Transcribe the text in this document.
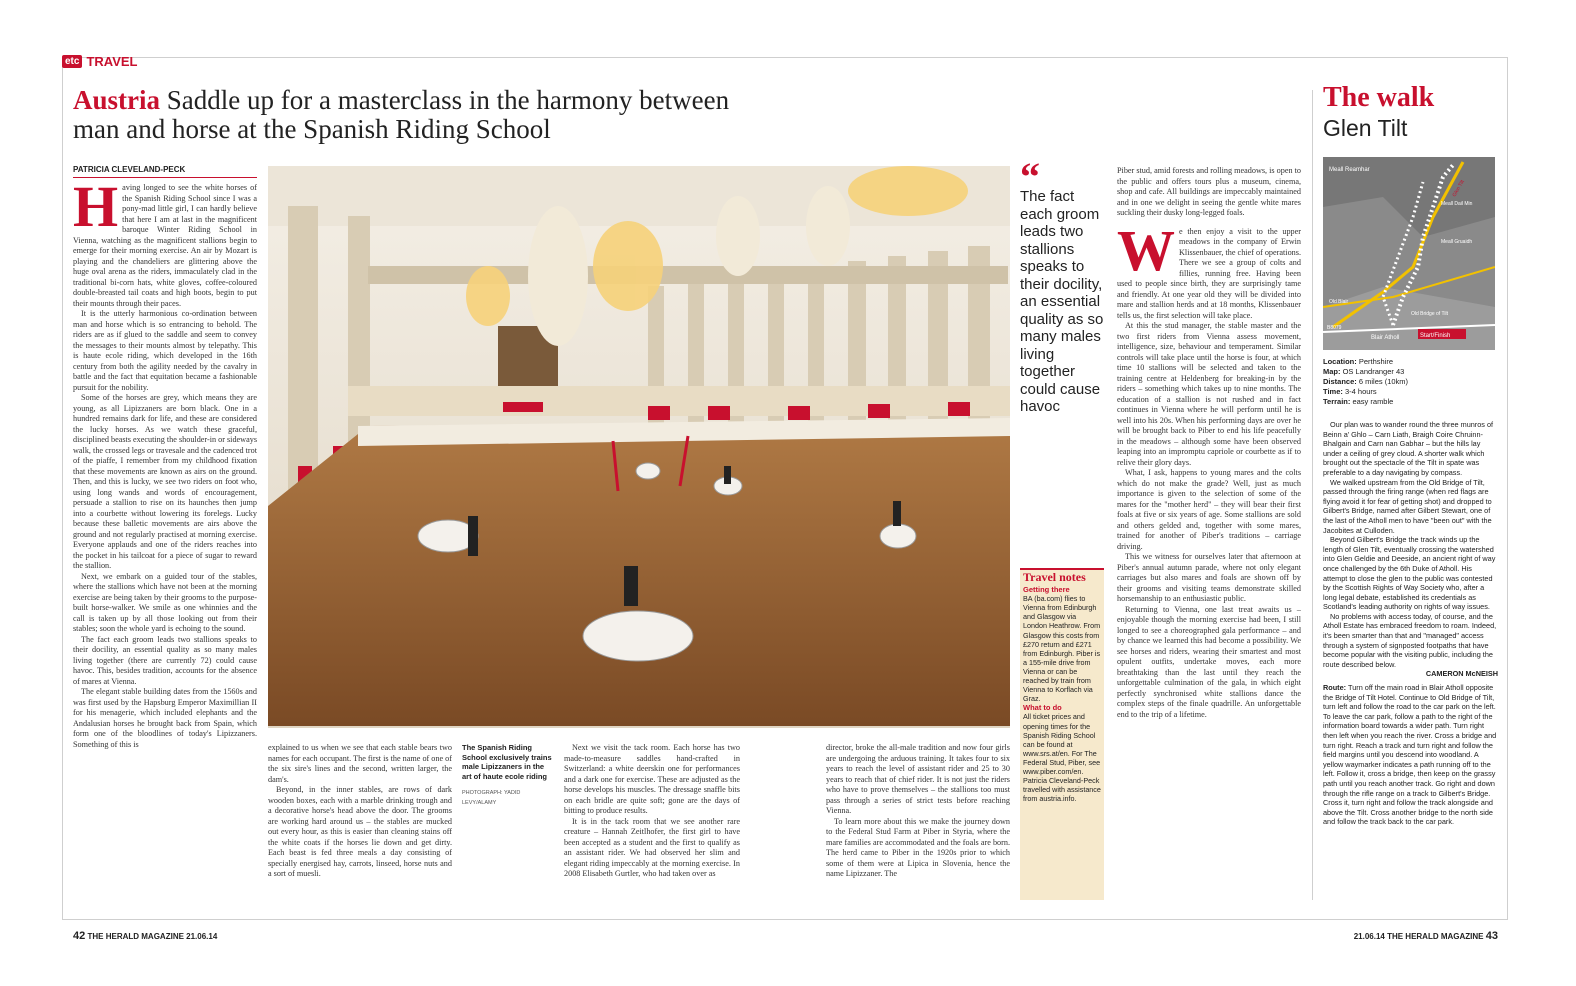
etc TRAVEL
Austria Saddle up for a masterclass in the harmony between man and horse at the Spanish Riding School
PATRICIA CLEVELAND-PECK
H aving longed to see the white horses of the Spanish Riding School since I was a pony-mad little girl, I can hardly believe that here I am at last in the magnificent baroque Winter Riding School in Vienna, watching as the magnificent stallions begin to emerge for their morning exercise. An air by Mozart is playing and the chandeliers are glittering above the huge oval arena as the riders, immaculately clad in the traditional bi-corn hats, white gloves, coffee-coloured double-breasted tail coats and high boots, begin to put their mounts through their paces.

It is the utterly harmonious co-ordination between man and horse which is so entrancing to behold. The riders are as if glued to the saddle and seem to convey the messages to their mounts almost by telepathy. This is haute ecole riding, which developed in the 16th century from both the agility needed by the cavalry in battle and the fact that equitation became a fashionable pursuit for the nobility.

Some of the horses are grey, which means they are young, as all Lipizzaners are born black. One in a hundred remains dark for life, and these are considered the lucky horses. As we watch these graceful, disciplined beasts executing the shoulder-in or sideways walk, the crossed legs or travesale and the cadenced trot of the piaffe, I remember from my childhood fixation that these movements are known as airs on the ground. Then, and this is lucky, we see two riders on foot who, using long wands and words of encouragement, persuade a stallion to rise on its haunches then jump into a courbette without lowering its forelegs. Lucky because these balletic movements are airs above the ground and not regularly practised at morning exercise. Everyone applauds and one of the riders reaches into the pocket in his tailcoat for a piece of sugar to reward the stallion.

Next, we embark on a guided tour of the stables, where the stallions which have not been at the morning exercise are being taken by their grooms to the purpose-built horse-walker. We smile as one whinnies and the call is taken up by all those looking out from their stables; soon the whole yard is echoing to the sound.

The fact each groom leads two stallions speaks to their docility, an essential quality as so many males living together (there are currently 72) could cause havoc. This, besides tradition, accounts for the absence of mares at Vienna.

The elegant stable building dates from the 1560s and was first used by the Hapsburg Emperor Maximillian II for his menagerie, which included elephants and the Andalusian horses he brought back from Spain, which form one of the bloodlines of today's Lipizzaners. Something of this is	explained to us when we see that each stable bears two names for each occupant. The first is the name of one of the six sire's lines and the second, written larger, the dam's.

Beyond, in the inner stables, are rows of dark wooden boxes, each with a marble drinking trough and a decorative horse's head above the door. The grooms are working hard around us – the stables are mucked out every hour, as this is easier than cleaning stains off the white coats if the horses lie down and get dirty. Each beast is fed three meals a day consisting of specially energised hay, carrots, linseed, horse nuts and a sort of muesli.

The Spanish Riding School exclusively trains male Lipizzaners in the art of haute ecole riding
PHOTOGRAPH: YADID LEVY/ALAMY

Next we visit the tack room. Each horse has two made-to-measure saddles hand-crafted in Switzerland: a white deerskin one for performances and a dark one for exercise. These are adjusted as the horse develops his muscles. The dressage snaffle bits on each bridle are quite soft; gone are the days of bitting to produce results.

It is in the tack room that we see another rare creature – Hannah Zeitlhofer, the first girl to have been accepted as a student and the first to qualify as an assistant rider. We had observed her slim and elegant riding impeccably at the morning exercise. In 2008 Elisabeth Gurtler, who had taken over as

director, broke the all-male tradition and now four girls are undergoing the arduous training. It takes four to six years to reach the level of assistant rider and 25 to 30 years to reach that of chief rider. It is not just the riders who have to prove themselves – the stallions too must pass through a series of strict tests before reaching Vienna.

To learn more about this we make the journey down to the Federal Stud Farm at Piber in Styria, where the mare families are accommodated and the foals are born. The herd came to Piber in the 1920s prior to which some of them were at Lipica in Slovenia, hence the name Lipizzaner. The

“
The fact each groom leads two stallions speaks to their docility, an essential quality as so many males living together could cause havoc
Travel notes
Getting there
BA (ba.com) flies to Vienna from Edinburgh and Glasgow via London Heathrow. From Glasgow this costs from £270 return and £271 from Edinburgh. Piber is a 155-mile drive from Vienna or can be reached by train from Vienna to Korflach via Graz.
What to do
All ticket prices and opening times for the Spanish Riding School can be found at www.srs.at/en. For The Federal Stud, Piber, see www.piber.com/en. Patricia Cleveland-Peck travelled with assistance from austria.info.
Piber stud, amid forests and rolling meadows, is open to the public and offers tours plus a museum, cinema, shop and cafe. All buildings are impeccably maintained and in one we delight in seeing the gentle white mares suckling their dusky long-legged foals.
W e then enjoy a visit to the upper meadows in the company of Erwin Klissenbauer, the chief of operations. There we see a group of colts and fillies, running free. Having been used to people since birth, they are surprisingly tame and friendly. At one year old they will be divided into mare and stallion herds and at 18 months, Klissenbauer tells us, the first selection will take place.

At this the stud manager, the stable master and the two first riders from Vienna assess movement, intelligence, size, behaviour and temperament. Similar controls will take place until the horse is four, at which time 10 stallions will be selected and taken to the training centre at Heldenberg for breaking-in by the riders – something which takes up to nine months. The education of a stallion is not rushed and in fact continues in Vienna where he will perform until he is well into his 20s. When his performing days are over he will be brought back to Piber to end his life peacefully in the meadows – although some have been observed leaping into an impromptu capriole or courbette as if to relive their glory days.

What, I ask, happens to young mares and the colts which do not make the grade? Well, just as much importance is given to the selection of some of the mares for the "mother herd" – they will bear their first foals at five or six years of age. Some stallions are sold and others gelded and, together with some mares, trained for another of Piber's traditions – carriage driving.

This we witness for ourselves later that afternoon at Piber's annual autumn parade, where not only elegant carriages but also mares and foals are shown off by their grooms and visiting teams demonstrate skilled horsemanship to an enthusiastic public.

Returning to Vienna, one last treat awaits us – enjoyable though the morning exercise had been, I still longed to see a choreographed gala performance – and by chance we learned this had become a possibility. We see horses and riders, wearing their smartest and most opulent outfits, undertake moves, each more breathtaking than the last until they reach the unforgettable culmination of the gala, in which eight perfectly synchronised white stallions dance the complex steps of the finale quadrille. An unforgettable end to the trip of a lifetime.

The walk
Glen Tilt
Meall Reamhar
Meall Dail Min
Meall Gruaidh
Old Blair
Old Bridge of Tilt
B8079
Blair Atholl	Start/Finish
Glen Tilt
Location: Perthshire
Map: OS Landranger 43
Distance: 6 miles (10km)
Time: 3-4 hours
Terrain: easy ramble

Our plan was to wander round the three munros of Beinn a' Ghlo – Carn Liath, Braigh Coire Chruinn-Bhalgain and Carn nan Gabhar – but the hills lay under a ceiling of grey cloud. A shorter walk which brought out the spectacle of the Tilt in spate was preferable to a day navigating by compass.

We walked upstream from the Old Bridge of Tilt, passed through the firing range (when red flags are flying avoid it for fear of getting shot) and dropped to Gilbert's Bridge, named after Gilbert Stewart, one of the last of the Atholl men to have "been out" with the Jacobites at Culloden.

Beyond Gilbert's Bridge the track winds up the length of Glen Tilt, eventually crossing the watershed into Glen Geldie and Deeside, an ancient right of way once challenged by the 6th Duke of Atholl. His attempt to close the glen to the public was contested by the Scottish Rights of Way Society who, after a long legal debate, established its credentials as Scotland's leading authority on rights of way issues.

No problems with access today, of course, and the Atholl Estate has embraced freedom to roam. Indeed, it's been smarter than that and "managed" access through a system of signposted footpaths that have become popular with the visiting public, including the route described below.

CAMERON McNEISH
Route: Turn off the main road in Blair Atholl opposite the Bridge of Tilt Hotel. Continue to Old Bridge of Tilt, turn left and follow the road to the car park on the left. To leave the car park, follow a path to the right of the information board towards a wider path. Turn right then left when you reach the river. Cross a bridge and turn right. Reach a track and turn right and follow the field margins until you descend into woodland. A yellow waymarker indicates a path running off to the left. Follow it, cross a bridge, then keep on the grassy path until you reach another track. Go right and down through the rifle range on a track to Gilbert's Bridge. Cross it, turn right and follow the track alongside and above the Tilt. Cross another bridge to the north side and follow the track back to the car park.
42 THE HERALD MAGAZINE 21.06.14	21.06.14 THE HERALD MAGAZINE 43
